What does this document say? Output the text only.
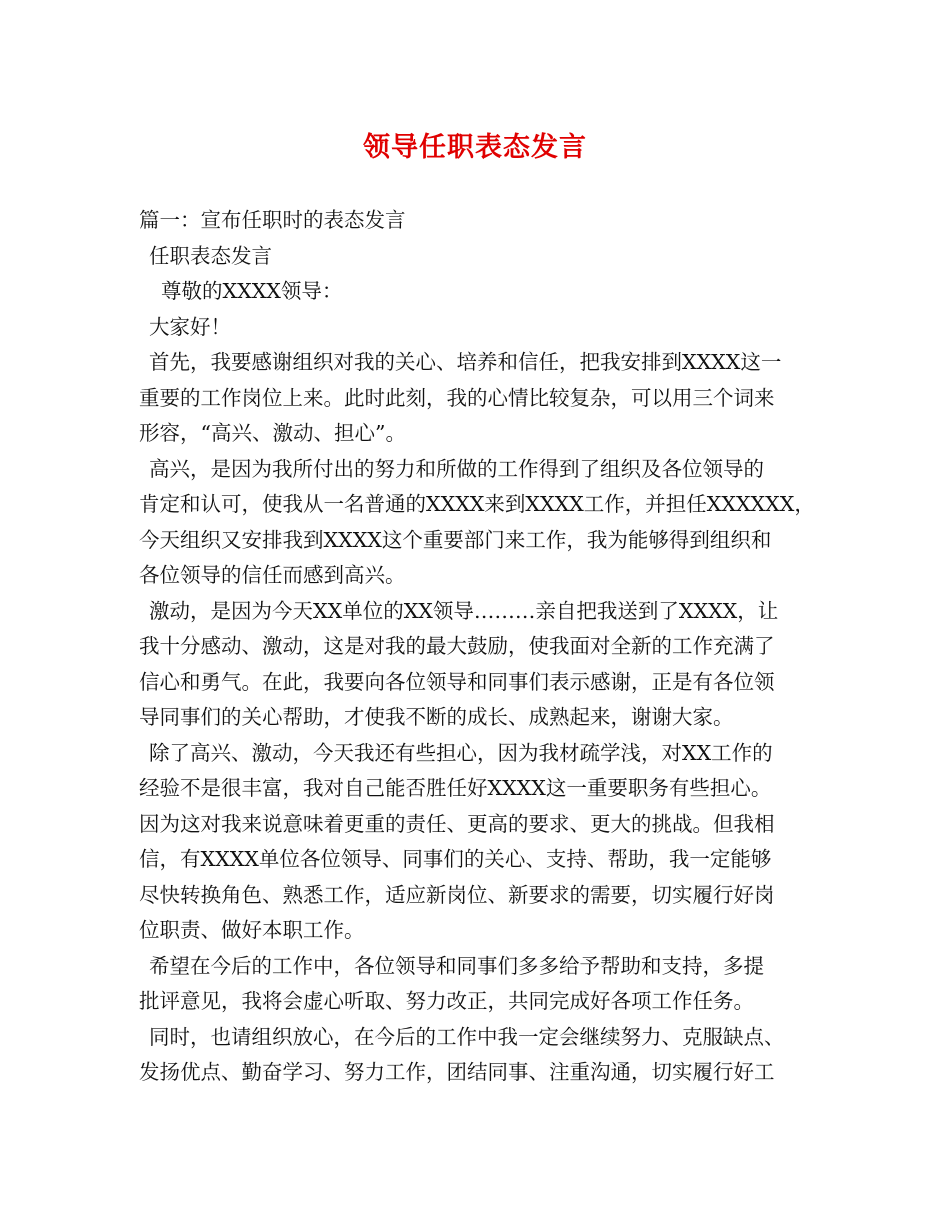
领导任职表态发言
篇一：宣布任职时的表态发言
任职表态发言
尊敬的XXXX领导：
大家好！
首先，我要感谢组织对我的关心、培养和信任，把我安排到XXXX这一
重要的工作岗位上来。此时此刻，我的心情比较复杂，可以用三个词来
形容，“高兴、激动、担心”。
高兴，是因为我所付出的努力和所做的工作得到了组织及各位领导的
肯定和认可，使我从一名普通的XXXX来到XXXX工作，并担任XXXXXX，
今天组织又安排我到XXXX这个重要部门来工作，我为能够得到组织和
各位领导的信任而感到高兴。
激动，是因为今天XX单位的XX领导………亲自把我送到了XXXX，让
我十分感动、激动，这是对我的最大鼓励，使我面对全新的工作充满了
信心和勇气。在此，我要向各位领导和同事们表示感谢，正是有各位领
导同事们的关心帮助，才使我不断的成长、成熟起来，谢谢大家。
除了高兴、激动，今天我还有些担心，因为我材疏学浅，对XX工作的
经验不是很丰富，我对自己能否胜任好XXXX这一重要职务有些担心。
因为这对我来说意味着更重的责任、更高的要求、更大的挑战。但我相
信，有XXXX单位各位领导、同事们的关心、支持、帮助，我一定能够
尽快转换角色、熟悉工作，适应新岗位、新要求的需要，切实履行好岗
位职责、做好本职工作。
希望在今后的工作中，各位领导和同事们多多给予帮助和支持，多提
批评意见，我将会虚心听取、努力改正，共同完成好各项工作任务。
同时，也请组织放心，在今后的工作中我一定会继续努力、克服缺点、
发扬优点、勤奋学习、努力工作，团结同事、注重沟通，切实履行好工
